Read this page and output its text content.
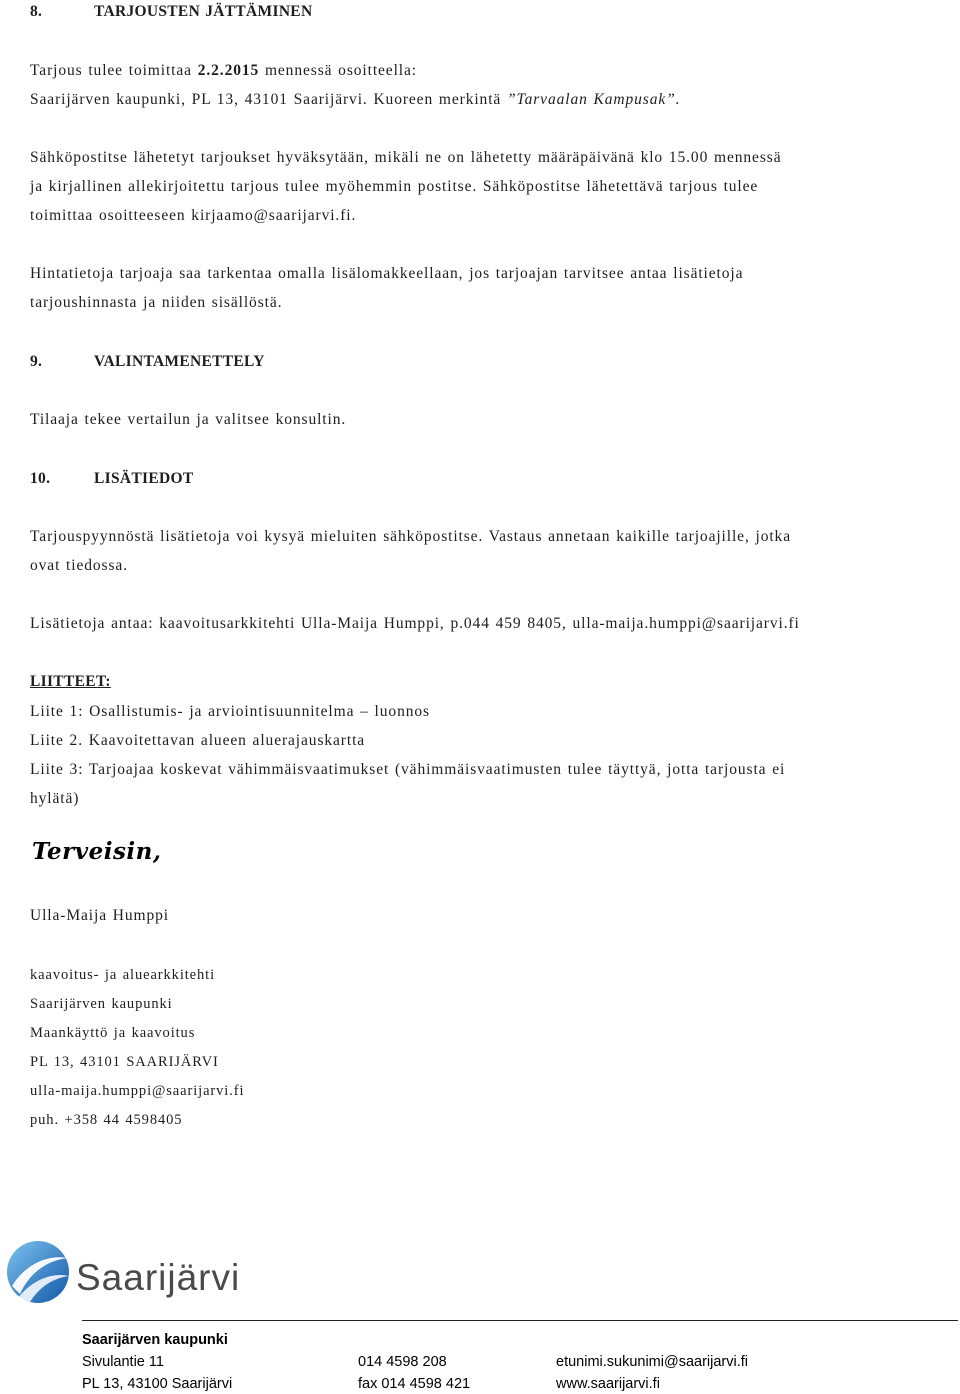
8.	TARJOUSTEN JÄTTÄMINEN
Tarjous tulee toimittaa 2.2.2015 mennessä osoitteella:
Saarijärven kaupunki, PL 13, 43101 Saarijärvi. Kuoreen merkintä ”Tarvaalan Kampusak”.
Sähköpostitse lähetetyt tarjoukset hyväksytään, mikäli ne on lähetetty määräpäivänä klo 15.00 mennessä
ja kirjallinen allekirjoitettu tarjous tulee myöhemmin postitse. Sähköpostitse lähetettävä tarjous tulee
toimittaa osoitteeseen kirjaamo@saarijarvi.fi.
Hintatietoja tarjoaja saa tarkentaa omalla lisälomakkeellaan, jos tarjoajan tarvitsee antaa lisätietoja
tarjoushinnasta ja niiden sisällöstä.
9.	VALINTAMENETTELY
Tilaaja tekee vertailun ja valitsee konsultin.
10.	LISÄTIEDOT
Tarjouspyynnöstä lisätietoja voi kysyä mieluiten sähköpostitse. Vastaus annetaan kaikille tarjoajille, jotka
ovat tiedossa.
Lisätietoja antaa: kaavoitusarkkitehti Ulla-Maija Humppi, p.044 459 8405, ulla-maija.humppi@saarijarvi.fi
LIITTEET:
Liite 1: Osallistumis- ja arviointisuunnitelma – luonnos
Liite 2. Kaavoitettavan alueen aluerajauskartta
Liite 3: Tarjoajaa koskevat vähimmäisvaatimukset (vähimmäisvaatimusten tulee täyttyä, jotta tarjousta ei
hylätä)
Terveisin,
Ulla-Maija Humppi
kaavoitus- ja aluearkkitehti
Saarijärven kaupunki
Maankäyttö ja kaavoitus
PL 13, 43101 SAARIJÄRVI
ulla-maija.humppi@saarijarvi.fi
puh. +358 44 4598405
Saarijärvi
Saarijärven kaupunki
Sivulantie 11
PL 13, 43100 Saarijärvi
014 4598 208
fax 014 4598 421
etunimi.sukunimi@saarijarvi.fi
www.saarijarvi.fi
